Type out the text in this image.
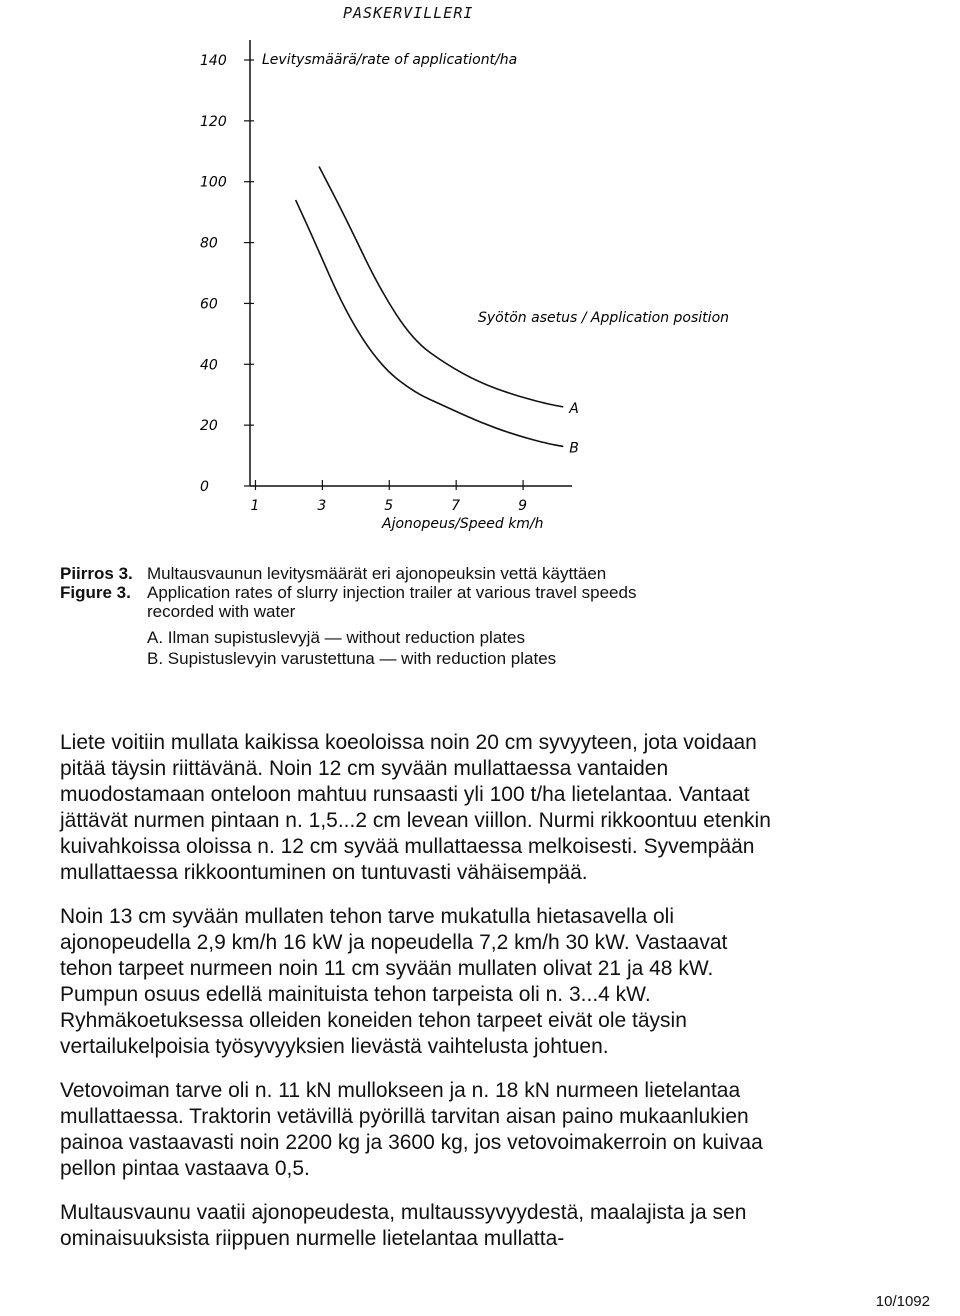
PASKERVILLERI
0
20
40
60
80
100
120
140
1	3	5	7	9
A
B
Levitysmäärä/rate of applicationt/ha
Ajonopeus/Speed km/h
Syötön asetus / Application position
Piirros 3. Multausvaunun levitysmäärät eri ajonopeuksin vettä käyttäen
Figure 3. Application rates of slurry injection trailer at various travel speeds
recorded with water
A. Ilman supistuslevyjä — without reduction plates
B. Supistuslevyin varustettuna — with reduction plates

Liete voitiin mullata kaikissa koeoloissa noin 20 cm syvyyteen, jota voidaan pitää täysin riittävänä. Noin 12 cm syvään mullattaessa vantaiden muodostamaan onteloon mahtuu runsaasti yli 100 t/ha lietelantaa. Vantaat jättävät nurmen pintaan n. 1,5...2 cm levean viillon. Nurmi rikkoontuu etenkin kuivahkoissa oloissa n. 12 cm syvää mullattaessa melkoisesti. Syvempään mullattaessa rikkoontuminen on tuntuvasti vähäisempää.

Noin 13 cm syvään mullaten tehon tarve mukatulla hietasavella oli ajonopeudella 2,9 km/h 16 kW ja nopeudella 7,2 km/h 30 kW. Vastaavat tehon tarpeet nurmeen noin 11 cm syvään mullaten olivat 21 ja 48 kW. Pumpun osuus edellä mainituista tehon tarpeista oli n. 3...4 kW. Ryhmäkoetuksessa olleiden koneiden tehon tarpeet eivät ole täysin vertailukelpoisia työsyvyyksien lievästä vaihtelusta johtuen.

Vetovoiman tarve oli n. 11 kN mullokseen ja n. 18 kN nurmeen lietelantaa mullattaessa. Traktorin vetävillä pyörillä tarvitan aisan paino mukaanlukien painoa vastaavasti noin 2200 kg ja 3600 kg, jos vetovoimakerroin on kuivaa pellon pintaa vastaava 0,5.

Multausvaunu vaatii ajonopeudesta, multaussyvyydestä, maalajista ja sen ominaisuuksista riippuen nurmelle lietelantaa mullatta-

10/1092
